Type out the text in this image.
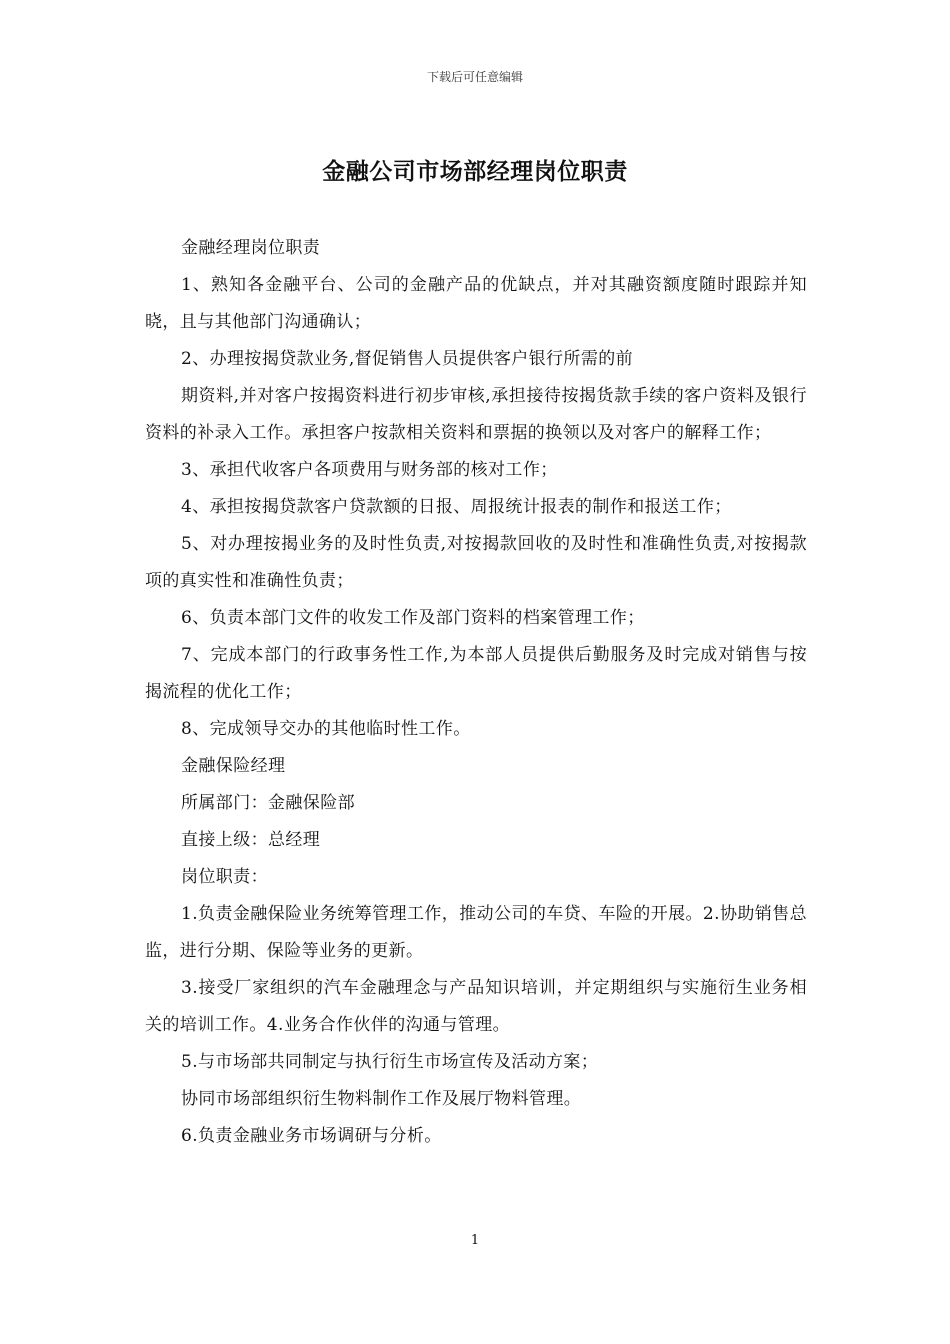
下载后可任意编辑
金融公司市场部经理岗位职责

金融经理岗位职责

1、熟知各金融平台、公司的金融产品的优缺点，并对其融资额度随时跟踪并知晓，且与其他部门沟通确认；

2、办理按揭贷款业务,督促销售人员提供客户银行所需的前

期资料,并对客户按揭资料进行初步审核,承担接待按揭货款手续的客户资料及银行资料的补录入工作。承担客户按款相关资料和票据的换领以及对客户的解释工作；

3、承担代收客户各项费用与财务部的核对工作；

4、承担按揭贷款客户贷款额的日报、周报统计报表的制作和报送工作；

5、对办理按揭业务的及时性负责,对按揭款回收的及时性和准确性负责,对按揭款项的真实性和准确性负责；

6、负责本部门文件的收发工作及部门资料的档案管理工作；

7、完成本部门的行政事务性工作,为本部人员提供后勤服务及时完成对销售与按揭流程的优化工作；

8、完成领导交办的其他临时性工作。

金融保险经理

所属部门：金融保险部

直接上级：总经理

岗位职责：

1.负责金融保险业务统筹管理工作，推动公司的车贷、车险的开展。2.协助销售总监，进行分期、保险等业务的更新。

3.接受厂家组织的汽车金融理念与产品知识培训，并定期组织与实施衍生业务相关的培训工作。4.业务合作伙伴的沟通与管理。

5.与市场部共同制定与执行衍生市场宣传及活动方案；

协同市场部组织衍生物料制作工作及展厅物料管理。

6.负责金融业务市场调研与分析。

1
